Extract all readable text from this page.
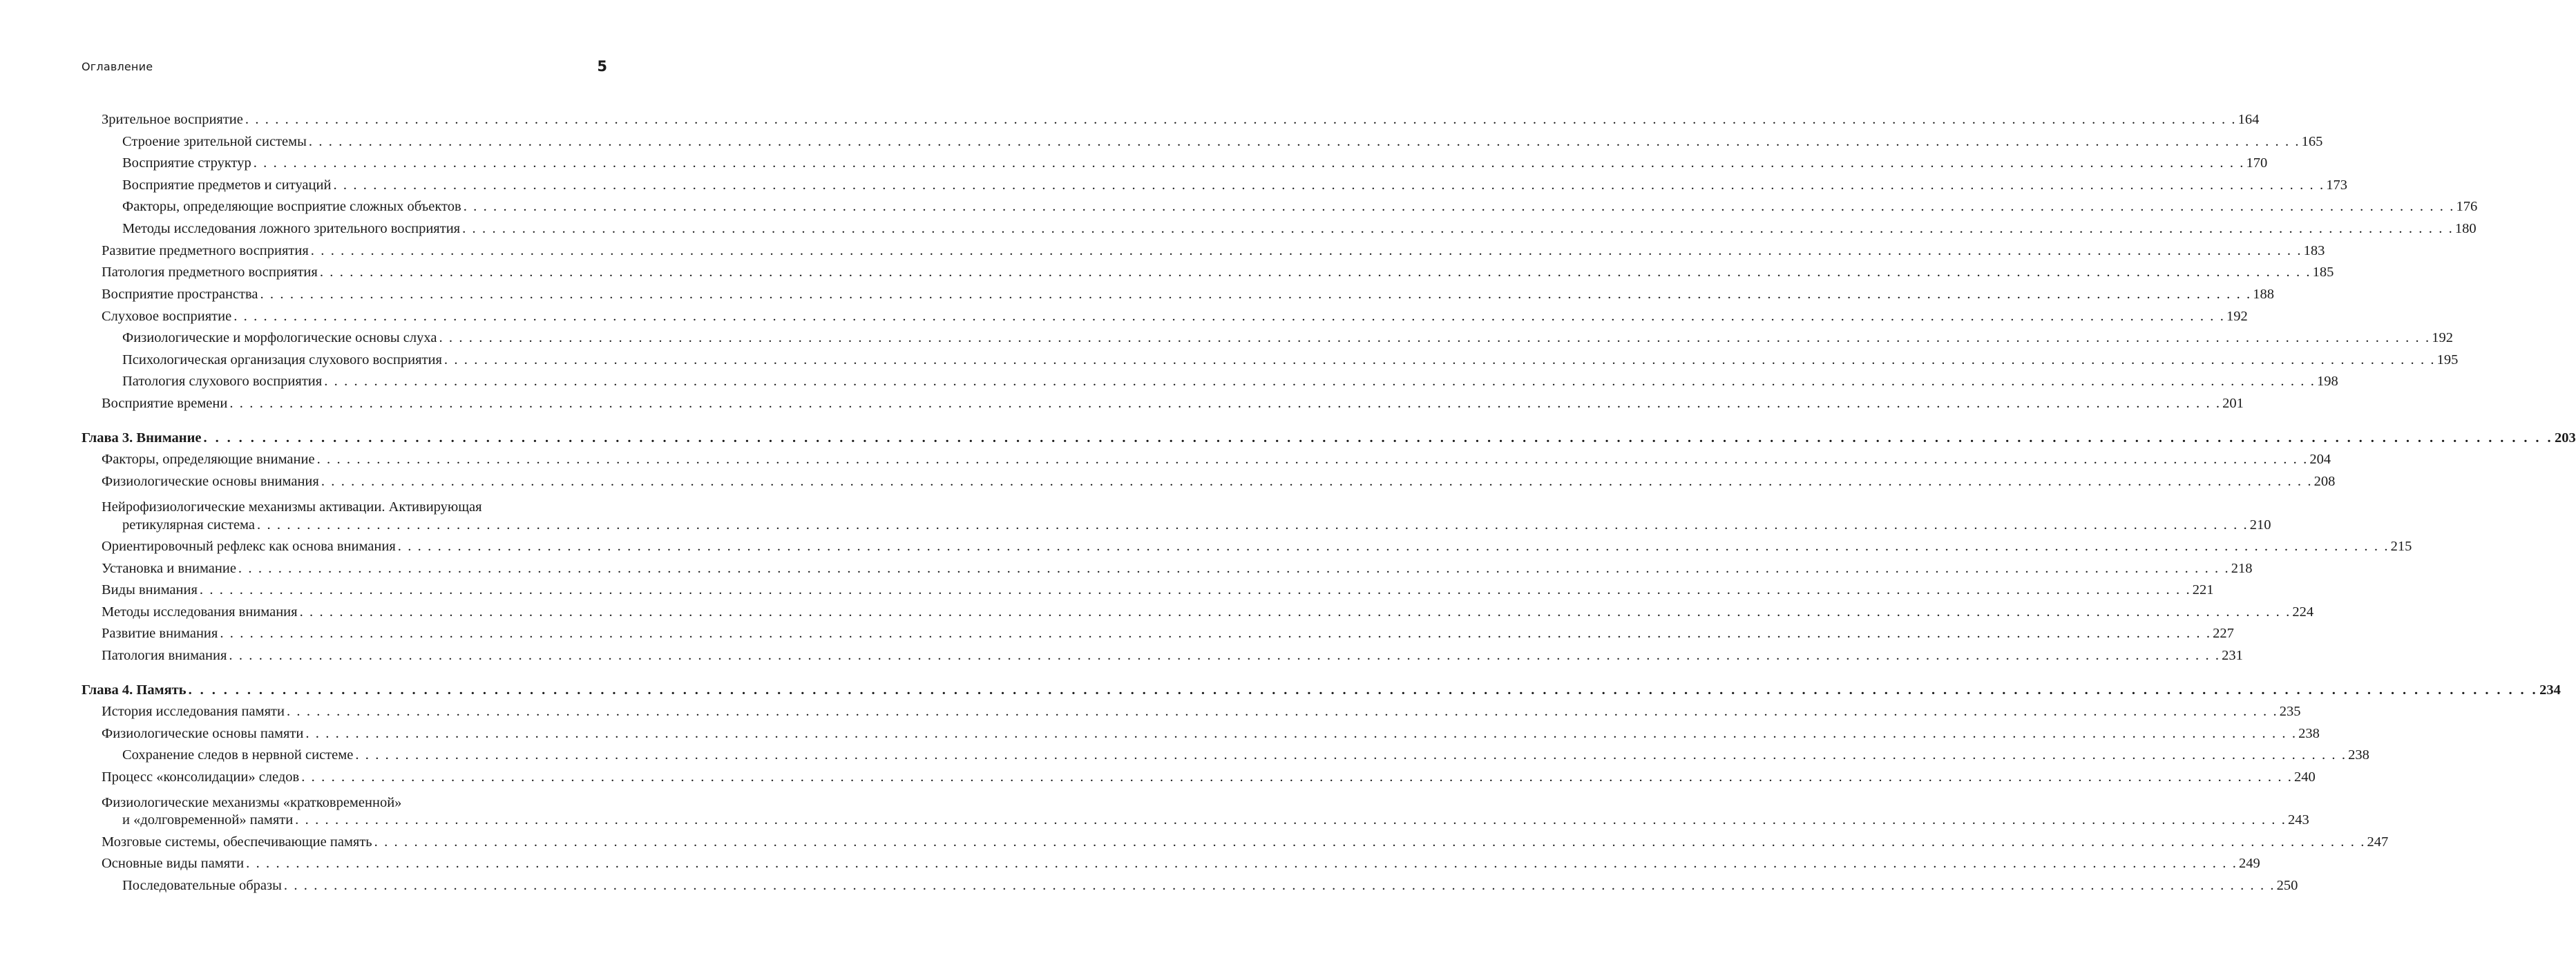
Оглавление	5
Зрительное восприятие . . . . . . . . . . . . . . . . . . . . . . . . . . . . . . . . . . . . . . . . . . . . . . . . . . . . . . . . . . . . . . . . . . . . . . . . . . . . . . . . . . . . . . . . . . . . . . . . . . . . . . . . . . . . . . . . . . . . . . . . . . . . . . . . . . . . . . . . . . . . . . . . . . . . . . . . . . . . . . . . . . . . . . . . . . . . . . . . . . . . . . . . . . . . . . . . . . . . . . . . 164
Строение зрительной системы . . . . . . . . . . . . . . . . . . . . . . . . . . . . . . . . . . . . . . . . . . . . . . . . . . . . . . . . . . . . . . . . . . . . . . . . . . . . . . . . . . . . . . . . . . . . . . . . . . . . . . . . . . . . . . . . . . . . . . . . . . . . . . . . . . . . . . . . . . . . . . . . . . . . . . . . . . . . . . . . . . . . . . . . . . . . . . . . . . . . . . . . . . . . . . . . . . . . . . . . 165
Восприятие структур . . . . . . . . . . . . . . . . . . . . . . . . . . . . . . . . . . . . . . . . . . . . . . . . . . . . . . . . . . . . . . . . . . . . . . . . . . . . . . . . . . . . . . . . . . . . . . . . . . . . . . . . . . . . . . . . . . . . . . . . . . . . . . . . . . . . . . . . . . . . . . . . . . . . . . . . . . . . . . . . . . . . . . . . . . . . . . . . . . . . . . . . . . . . . . . . . . . . . . . . 170
Восприятие предметов и ситуаций . . . . . . . . . . . . . . . . . . . . . . . . . . . . . . . . . . . . . . . . . . . . . . . . . . . . . . . . . . . . . . . . . . . . . . . . . . . . . . . . . . . . . . . . . . . . . . . . . . . . . . . . . . . . . . . . . . . . . . . . . . . . . . . . . . . . . . . . . . . . . . . . . . . . . . . . . . . . . . . . . . . . . . . . . . . . . . . . . . . . . . . . . . . . . . . . . . . . . . . . 173
Факторы, определяющие восприятие сложных объектов . . . . . . . . . . . . . . . . . . . . . . . . . . . . . . . . . . . . . . . . . . . . . . . . . . . . . . . . . . . . . . . . . . . . . . . . . . . . . . . . . . . . . . . . . . . . . . . . . . . . . . . . . . . . . . . . . . . . . . . . . . . . . . . . . . . . . . . . . . . . . . . . . . . . . . . . . . . . . . . . . . . . . . . . . . . . . . . . . . . . . . . . . . . . . . . . . . . . . . . . 176
Методы исследования ложного зрительного восприятия . . . . . . . . . . . . . . . . . . . . . . . . . . . . . . . . . . . . . . . . . . . . . . . . . . . . . . . . . . . . . . . . . . . . . . . . . . . . . . . . . . . . . . . . . . . . . . . . . . . . . . . . . . . . . . . . . . . . . . . . . . . . . . . . . . . . . . . . . . . . . . . . . . . . . . . . . . . . . . . . . . . . . . . . . . . . . . . . . . . . . . . . . . . . . . . . . . . . . . . . 180
Развитие предметного восприятия . . . . . . . . . . . . . . . . . . . . . . . . . . . . . . . . . . . . . . . . . . . . . . . . . . . . . . . . . . . . . . . . . . . . . . . . . . . . . . . . . . . . . . . . . . . . . . . . . . . . . . . . . . . . . . . . . . . . . . . . . . . . . . . . . . . . . . . . . . . . . . . . . . . . . . . . . . . . . . . . . . . . . . . . . . . . . . . . . . . . . . . . . . . . . . . . . . . . . . . . 183
Патология предметного восприятия . . . . . . . . . . . . . . . . . . . . . . . . . . . . . . . . . . . . . . . . . . . . . . . . . . . . . . . . . . . . . . . . . . . . . . . . . . . . . . . . . . . . . . . . . . . . . . . . . . . . . . . . . . . . . . . . . . . . . . . . . . . . . . . . . . . . . . . . . . . . . . . . . . . . . . . . . . . . . . . . . . . . . . . . . . . . . . . . . . . . . . . . . . . . . . . . . . . . . . . . 185
Восприятие пространства . . . . . . . . . . . . . . . . . . . . . . . . . . . . . . . . . . . . . . . . . . . . . . . . . . . . . . . . . . . . . . . . . . . . . . . . . . . . . . . . . . . . . . . . . . . . . . . . . . . . . . . . . . . . . . . . . . . . . . . . . . . . . . . . . . . . . . . . . . . . . . . . . . . . . . . . . . . . . . . . . . . . . . . . . . . . . . . . . . . . . . . . . . . . . . . . . . . . . . . . 188
Слуховое восприятие . . . . . . . . . . . . . . . . . . . . . . . . . . . . . . . . . . . . . . . . . . . . . . . . . . . . . . . . . . . . . . . . . . . . . . . . . . . . . . . . . . . . . . . . . . . . . . . . . . . . . . . . . . . . . . . . . . . . . . . . . . . . . . . . . . . . . . . . . . . . . . . . . . . . . . . . . . . . . . . . . . . . . . . . . . . . . . . . . . . . . . . . . . . . . . . . . . . . . . . . 192
Физиологические и морфологические основы слуха . . . . . . . . . . . . . . . . . . . . . . . . . . . . . . . . . . . . . . . . . . . . . . . . . . . . . . . . . . . . . . . . . . . . . . . . . . . . . . . . . . . . . . . . . . . . . . . . . . . . . . . . . . . . . . . . . . . . . . . . . . . . . . . . . . . . . . . . . . . . . . . . . . . . . . . . . . . . . . . . . . . . . . . . . . . . . . . . . . . . . . . . . . . . . . . . . . . . . . . . 192
Психологическая организация слухового восприятия . . . . . . . . . . . . . . . . . . . . . . . . . . . . . . . . . . . . . . . . . . . . . . . . . . . . . . . . . . . . . . . . . . . . . . . . . . . . . . . . . . . . . . . . . . . . . . . . . . . . . . . . . . . . . . . . . . . . . . . . . . . . . . . . . . . . . . . . . . . . . . . . . . . . . . . . . . . . . . . . . . . . . . . . . . . . . . . . . . . . . . . . . . . . . . . . . . . . . . . . 195
Патология слухового восприятия . . . . . . . . . . . . . . . . . . . . . . . . . . . . . . . . . . . . . . . . . . . . . . . . . . . . . . . . . . . . . . . . . . . . . . . . . . . . . . . . . . . . . . . . . . . . . . . . . . . . . . . . . . . . . . . . . . . . . . . . . . . . . . . . . . . . . . . . . . . . . . . . . . . . . . . . . . . . . . . . . . . . . . . . . . . . . . . . . . . . . . . . . . . . . . . . . . . . . . . . 198
Восприятие времени . . . . . . . . . . . . . . . . . . . . . . . . . . . . . . . . . . . . . . . . . . . . . . . . . . . . . . . . . . . . . . . . . . . . . . . . . . . . . . . . . . . . . . . . . . . . . . . . . . . . . . . . . . . . . . . . . . . . . . . . . . . . . . . . . . . . . . . . . . . . . . . . . . . . . . . . . . . . . . . . . . . . . . . . . . . . . . . . . . . . . . . . . . . . . . . . . . . . . . . . 201
Глава 3. Внимание . . . . . . . . . . . . . . . . . . . . . . . . . . . . . . . . . . . . . . . . . . . . . . . . . . . . . . . . . . . . . . . . . . . . . . . . . . . . . . . . . . . . . . . . . . . . . . . . . . . . . . . . . . . . . . . . . . . . . . . . . . . . . . . . . . . . . . . . . . . . . . . . . . . . . . . . . . . . . . . . . . . . . . . . . . . . . . . . . . . . . . . . . . . . . . . . . . . . . . . . 203
Факторы, определяющие внимание . . . . . . . . . . . . . . . . . . . . . . . . . . . . . . . . . . . . . . . . . . . . . . . . . . . . . . . . . . . . . . . . . . . . . . . . . . . . . . . . . . . . . . . . . . . . . . . . . . . . . . . . . . . . . . . . . . . . . . . . . . . . . . . . . . . . . . . . . . . . . . . . . . . . . . . . . . . . . . . . . . . . . . . . . . . . . . . . . . . . . . . . . . . . . . . . . . . . . . . . 204
Физиологические основы внимания . . . . . . . . . . . . . . . . . . . . . . . . . . . . . . . . . . . . . . . . . . . . . . . . . . . . . . . . . . . . . . . . . . . . . . . . . . . . . . . . . . . . . . . . . . . . . . . . . . . . . . . . . . . . . . . . . . . . . . . . . . . . . . . . . . . . . . . . . . . . . . . . . . . . . . . . . . . . . . . . . . . . . . . . . . . . . . . . . . . . . . . . . . . . . . . . . . . . . . . . 208
Нейрофизиологические механизмы активации. Активирующая
ретикулярная система . . . . . . . . . . . . . . . . . . . . . . . . . . . . . . . . . . . . . . . . . . . . . . . . . . . . . . . . . . . . . . . . . . . . . . . . . . . . . . . . . . . . . . . . . . . . . . . . . . . . . . . . . . . . . . . . . . . . . . . . . . . . . . . . . . . . . . . . . . . . . . . . . . . . . . . . . . . . . . . . . . . . . . . . . . . . . . . . . . . . . . . . . . . . . . . . . . . . . . . . 210
Ориентировочный рефлекс как основа внимания . . . . . . . . . . . . . . . . . . . . . . . . . . . . . . . . . . . . . . . . . . . . . . . . . . . . . . . . . . . . . . . . . . . . . . . . . . . . . . . . . . . . . . . . . . . . . . . . . . . . . . . . . . . . . . . . . . . . . . . . . . . . . . . . . . . . . . . . . . . . . . . . . . . . . . . . . . . . . . . . . . . . . . . . . . . . . . . . . . . . . . . . . . . . . . . . . . . . . . . . 215
Установка и внимание . . . . . . . . . . . . . . . . . . . . . . . . . . . . . . . . . . . . . . . . . . . . . . . . . . . . . . . . . . . . . . . . . . . . . . . . . . . . . . . . . . . . . . . . . . . . . . . . . . . . . . . . . . . . . . . . . . . . . . . . . . . . . . . . . . . . . . . . . . . . . . . . . . . . . . . . . . . . . . . . . . . . . . . . . . . . . . . . . . . . . . . . . . . . . . . . . . . . . . . . 218
Виды внимания . . . . . . . . . . . . . . . . . . . . . . . . . . . . . . . . . . . . . . . . . . . . . . . . . . . . . . . . . . . . . . . . . . . . . . . . . . . . . . . . . . . . . . . . . . . . . . . . . . . . . . . . . . . . . . . . . . . . . . . . . . . . . . . . . . . . . . . . . . . . . . . . . . . . . . . . . . . . . . . . . . . . . . . . . . . . . . . . . . . . . . . . . . . . . . . . . . . . . . . . 221
Методы исследования внимания . . . . . . . . . . . . . . . . . . . . . . . . . . . . . . . . . . . . . . . . . . . . . . . . . . . . . . . . . . . . . . . . . . . . . . . . . . . . . . . . . . . . . . . . . . . . . . . . . . . . . . . . . . . . . . . . . . . . . . . . . . . . . . . . . . . . . . . . . . . . . . . . . . . . . . . . . . . . . . . . . . . . . . . . . . . . . . . . . . . . . . . . . . . . . . . . . . . . . . . . 224
Развитие внимания . . . . . . . . . . . . . . . . . . . . . . . . . . . . . . . . . . . . . . . . . . . . . . . . . . . . . . . . . . . . . . . . . . . . . . . . . . . . . . . . . . . . . . . . . . . . . . . . . . . . . . . . . . . . . . . . . . . . . . . . . . . . . . . . . . . . . . . . . . . . . . . . . . . . . . . . . . . . . . . . . . . . . . . . . . . . . . . . . . . . . . . . . . . . . . . . . . . . . . . . 227
Патология внимания . . . . . . . . . . . . . . . . . . . . . . . . . . . . . . . . . . . . . . . . . . . . . . . . . . . . . . . . . . . . . . . . . . . . . . . . . . . . . . . . . . . . . . . . . . . . . . . . . . . . . . . . . . . . . . . . . . . . . . . . . . . . . . . . . . . . . . . . . . . . . . . . . . . . . . . . . . . . . . . . . . . . . . . . . . . . . . . . . . . . . . . . . . . . . . . . . . . . . . . . 231
Глава 4. Память . . . . . . . . . . . . . . . . . . . . . . . . . . . . . . . . . . . . . . . . . . . . . . . . . . . . . . . . . . . . . . . . . . . . . . . . . . . . . . . . . . . . . . . . . . . . . . . . . . . . . . . . . . . . . . . . . . . . . . . . . . . . . . . . . . . . . . . . . . . . . . . . . . . . . . . . . . . . . . . . . . . . . . . . . . . . . . . . . . . . . . . . . . . . . . . . . . . . . . . . 234
История исследования памяти . . . . . . . . . . . . . . . . . . . . . . . . . . . . . . . . . . . . . . . . . . . . . . . . . . . . . . . . . . . . . . . . . . . . . . . . . . . . . . . . . . . . . . . . . . . . . . . . . . . . . . . . . . . . . . . . . . . . . . . . . . . . . . . . . . . . . . . . . . . . . . . . . . . . . . . . . . . . . . . . . . . . . . . . . . . . . . . . . . . . . . . . . . . . . . . . . . . . . . . . 235
Физиологические основы памяти . . . . . . . . . . . . . . . . . . . . . . . . . . . . . . . . . . . . . . . . . . . . . . . . . . . . . . . . . . . . . . . . . . . . . . . . . . . . . . . . . . . . . . . . . . . . . . . . . . . . . . . . . . . . . . . . . . . . . . . . . . . . . . . . . . . . . . . . . . . . . . . . . . . . . . . . . . . . . . . . . . . . . . . . . . . . . . . . . . . . . . . . . . . . . . . . . . . . . . . . 238
Сохранение следов в нервной системе . . . . . . . . . . . . . . . . . . . . . . . . . . . . . . . . . . . . . . . . . . . . . . . . . . . . . . . . . . . . . . . . . . . . . . . . . . . . . . . . . . . . . . . . . . . . . . . . . . . . . . . . . . . . . . . . . . . . . . . . . . . . . . . . . . . . . . . . . . . . . . . . . . . . . . . . . . . . . . . . . . . . . . . . . . . . . . . . . . . . . . . . . . . . . . . . . . . . . . . . 238
Процесс «консолидации» следов . . . . . . . . . . . . . . . . . . . . . . . . . . . . . . . . . . . . . . . . . . . . . . . . . . . . . . . . . . . . . . . . . . . . . . . . . . . . . . . . . . . . . . . . . . . . . . . . . . . . . . . . . . . . . . . . . . . . . . . . . . . . . . . . . . . . . . . . . . . . . . . . . . . . . . . . . . . . . . . . . . . . . . . . . . . . . . . . . . . . . . . . . . . . . . . . . . . . . . . . 240
Физиологические механизмы «кратковременной»
и «долговременной» памяти . . . . . . . . . . . . . . . . . . . . . . . . . . . . . . . . . . . . . . . . . . . . . . . . . . . . . . . . . . . . . . . . . . . . . . . . . . . . . . . . . . . . . . . . . . . . . . . . . . . . . . . . . . . . . . . . . . . . . . . . . . . . . . . . . . . . . . . . . . . . . . . . . . . . . . . . . . . . . . . . . . . . . . . . . . . . . . . . . . . . . . . . . . . . . . . . . . . . . . . . 243
Мозговые системы, обеспечивающие память . . . . . . . . . . . . . . . . . . . . . . . . . . . . . . . . . . . . . . . . . . . . . . . . . . . . . . . . . . . . . . . . . . . . . . . . . . . . . . . . . . . . . . . . . . . . . . . . . . . . . . . . . . . . . . . . . . . . . . . . . . . . . . . . . . . . . . . . . . . . . . . . . . . . . . . . . . . . . . . . . . . . . . . . . . . . . . . . . . . . . . . . . . . . . . . . . . . . . . . . 247
Основные виды памяти . . . . . . . . . . . . . . . . . . . . . . . . . . . . . . . . . . . . . . . . . . . . . . . . . . . . . . . . . . . . . . . . . . . . . . . . . . . . . . . . . . . . . . . . . . . . . . . . . . . . . . . . . . . . . . . . . . . . . . . . . . . . . . . . . . . . . . . . . . . . . . . . . . . . . . . . . . . . . . . . . . . . . . . . . . . . . . . . . . . . . . . . . . . . . . . . . . . . . . . . 249
Последовательные образы . . . . . . . . . . . . . . . . . . . . . . . . . . . . . . . . . . . . . . . . . . . . . . . . . . . . . . . . . . . . . . . . . . . . . . . . . . . . . . . . . . . . . . . . . . . . . . . . . . . . . . . . . . . . . . . . . . . . . . . . . . . . . . . . . . . . . . . . . . . . . . . . . . . . . . . . . . . . . . . . . . . . . . . . . . . . . . . . . . . . . . . . . . . . . . . . . . . . . . . . 250
